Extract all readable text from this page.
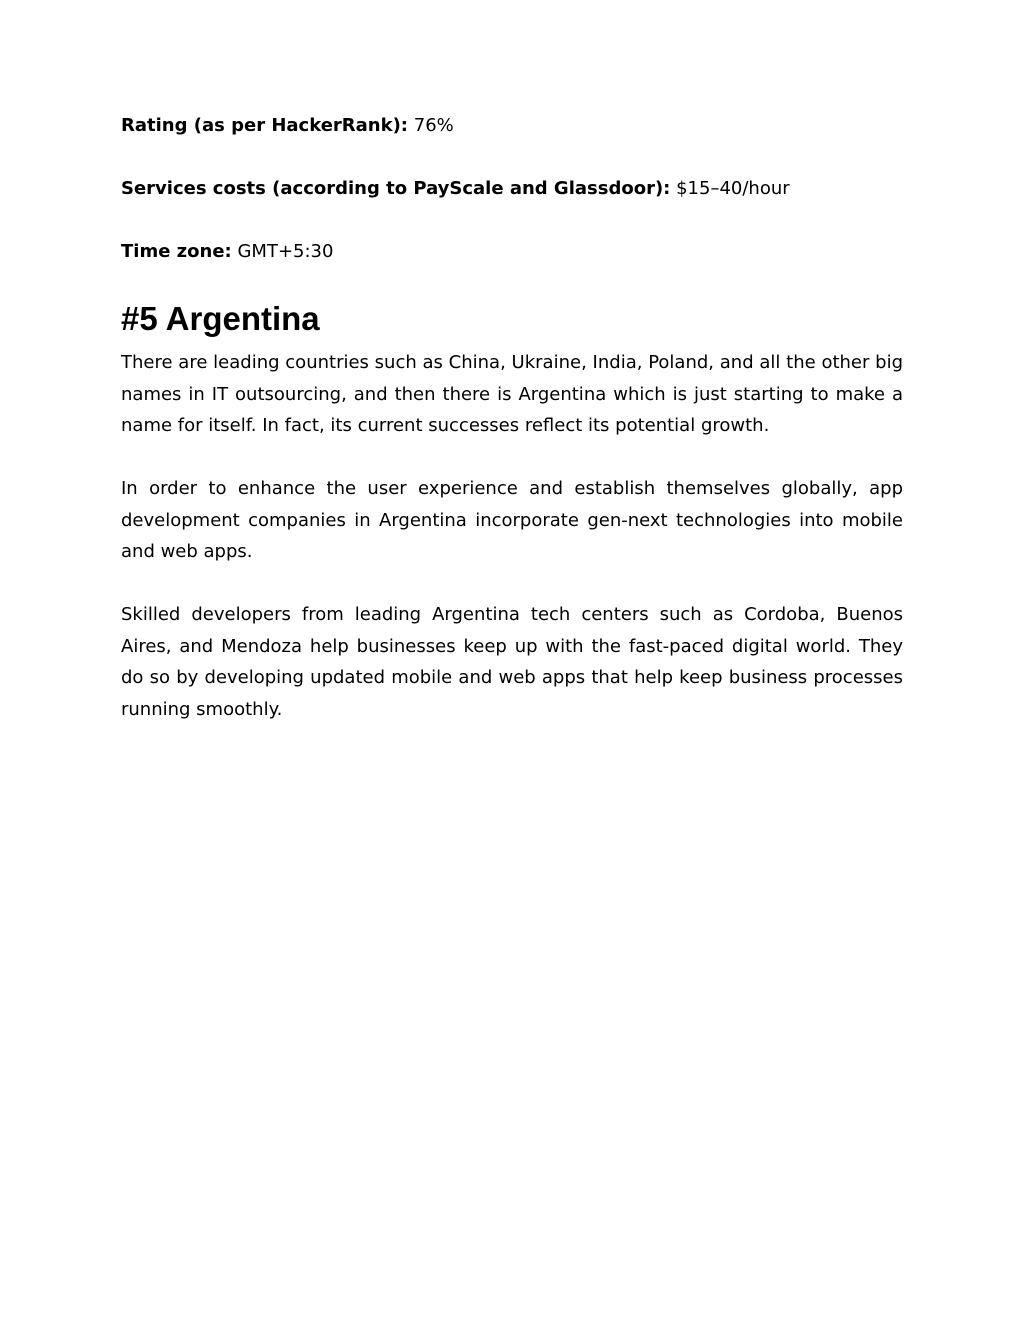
Rating (as per HackerRank): 76%

Services costs (according to PayScale and Glassdoor): $15–40/hour

Time zone: GMT+5:30

#5 Argentina

There are leading countries such as China, Ukraine, India, Poland, and all the other big names in IT outsourcing, and then there is Argentina which is just starting to make a name for itself. In fact, its current successes reflect its potential growth.

In order to enhance the user experience and establish themselves globally, app development companies in Argentina incorporate gen-next technologies into mobile and web apps.

Skilled developers from leading Argentina tech centers such as Cordoba, Buenos Aires, and Mendoza help businesses keep up with the fast-paced digital world. They do so by developing updated mobile and web apps that help keep business processes running smoothly.
